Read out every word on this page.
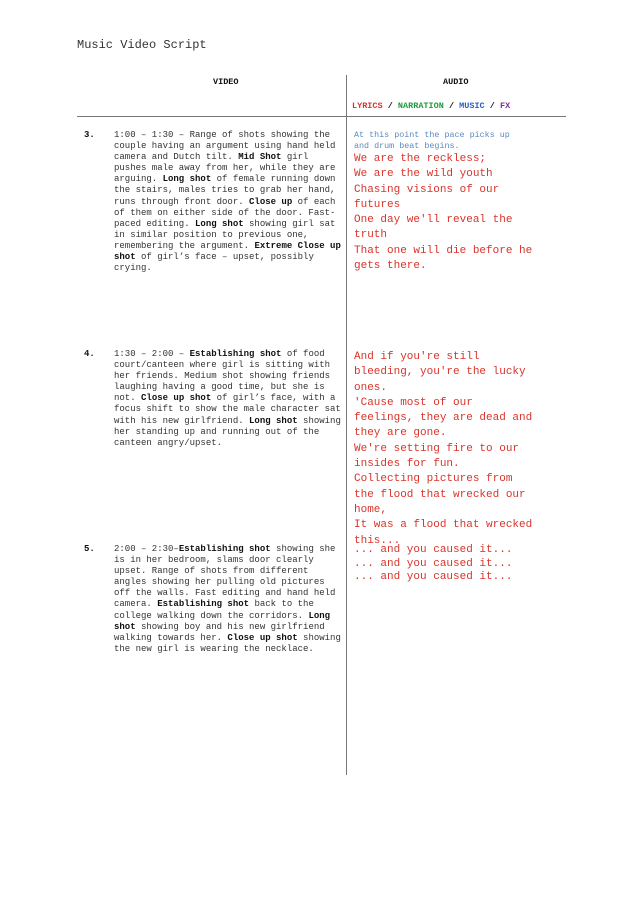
Music Video Script
VIDEO	AUDIO
LYRICS / NARRATION / MUSIC / FX
3. 1:00 – 1:30 – Range of shots showing the couple having an argument using hand held camera and Dutch tilt. Mid Shot girl pushes male away from her, while they are arguing. Long shot of female running down the stairs, males tries to grab her hand, runs through front door. Close up of each of them on either side of the door. Fast-paced editing. Long shot showing girl sat in similar position to previous one, remembering the argument. Extreme Close up shot of girl’s face – upset, possibly crying.
At this point the pace picks up
and drum beat begins.
We are the reckless;
We are the wild youth
Chasing visions of our
futures
One day we'll reveal the
truth
That one will die before he
gets there.
4. 1:30 – 2:00 – Establishing shot of food court/canteen where girl is sitting with her friends. Medium shot showing friends laughing having a good time, but she is not. Close up shot of girl’s face, with a focus shift to show the male character sat with his new girlfriend. Long shot showing her standing up and running out of the canteen angry/upset.
And if you're still
bleeding, you're the lucky
ones.
'Cause most of our
feelings, they are dead and
they are gone.
We're setting fire to our
insides for fun.
Collecting pictures from
the flood that wrecked our
home,
It was a flood that wrecked
this...
5. 2:00 – 2:30–Establishing shot showing she is in her bedroom, slams door clearly upset. Range of shots from different angles showing her pulling old pictures off the walls. Fast editing and hand held camera. Establishing shot back to the college walking down the corridors. Long shot showing boy and his new girlfriend walking towards her. Close up shot showing the new girl is wearing the necklace.
... and you caused it...
... and you caused it...
... and you caused it...
